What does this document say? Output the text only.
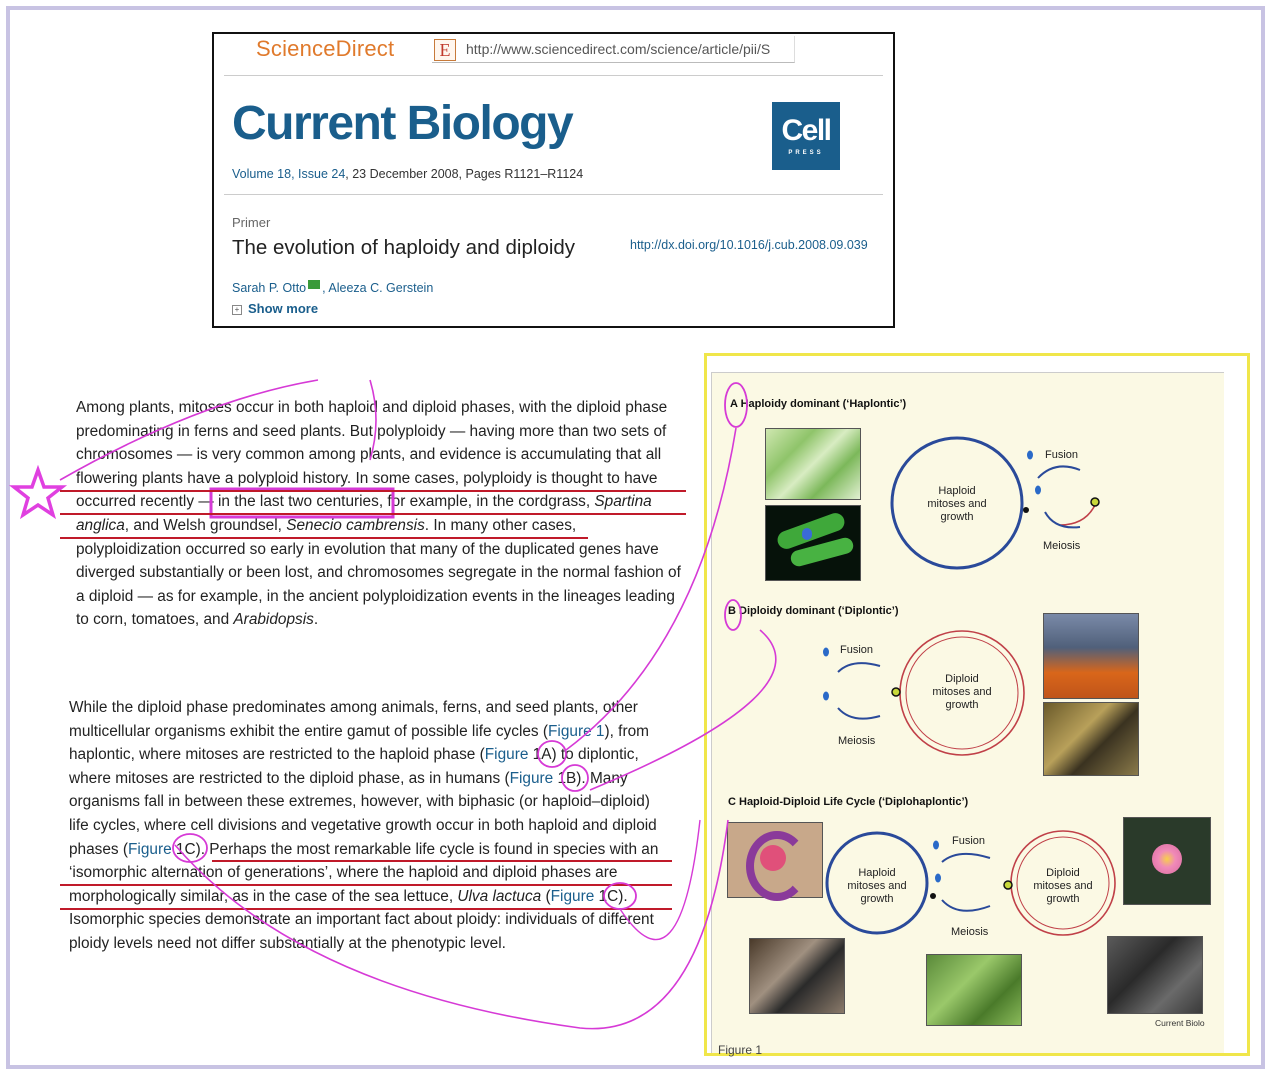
ScienceDirect	E	http://www.sciencedirect.com/science/article/pii/S
Current Biology	Cell
PRESS
Volume 18, Issue 24, 23 December 2008, Pages R1121–R1124
Primer
The evolution of haploidy and diploidy	http://dx.doi.org/10.1016/j.cub.2008.09.039
Sarah P. Otto , Aleeza C. Gerstein
+ Show more
Among plants, mitoses occur in both haploid and diploid phases, with the diploid phase
predominating in ferns and seed plants. But polyploidy — having more than two sets of
chromosomes — is very common among plants, and evidence is accumulating that all
flowering plants have a polyploid history. In some cases, polyploidy is thought to have
occurred recently — in the last two centuries, for example, in the cordgrass, Spartina
anglica, and Welsh groundsel, Senecio cambrensis. In many other cases,
polyploidization occurred so early in evolution that many of the duplicated genes have
diverged substantially or been lost, and chromosomes segregate in the normal fashion of
a diploid — as for example, in the ancient polyploidization events in the lineages leading
to corn, tomatoes, and Arabidopsis.
While the diploid phase predominates among animals, ferns, and seed plants, other
multicellular organisms exhibit the entire gamut of possible life cycles (Figure 1), from
haplontic, where mitoses are restricted to the haploid phase (Figure 1A) to diplontic,
where mitoses are restricted to the diploid phase, as in humans (Figure 1B). Many
organisms fall in between these extremes, however, with biphasic (or haploid–diploid)
life cycles, where cell divisions and vegetative growth occur in both haploid and diploid
phases (Figure 1C). Perhaps the most remarkable life cycle is found in species with an
‘isomorphic alternation of generations’, where the haploid and diploid phases are
morphologically similar, as in the case of the sea lettuce, Ulva lactuca (Figure 1C).
Isomorphic species demonstrate an important fact about ploidy: individuals of different
ploidy levels need not differ substantially at the phenotypic level.
A Haploidy dominant (‘Haplontic’)
B Diploidy dominant (‘Diplontic’)
C Haploid-Diploid Life Cycle (‘Diplohaplontic’)
Haploid
mitoses and
growth
Fusion
Meiosis
Diploid
mitoses and
growth
Fusion
Meiosis
Haploid
mitoses and
growth
Diploid
mitoses and
growth
Fusion
Meiosis
Current Biolo
Figure 1
